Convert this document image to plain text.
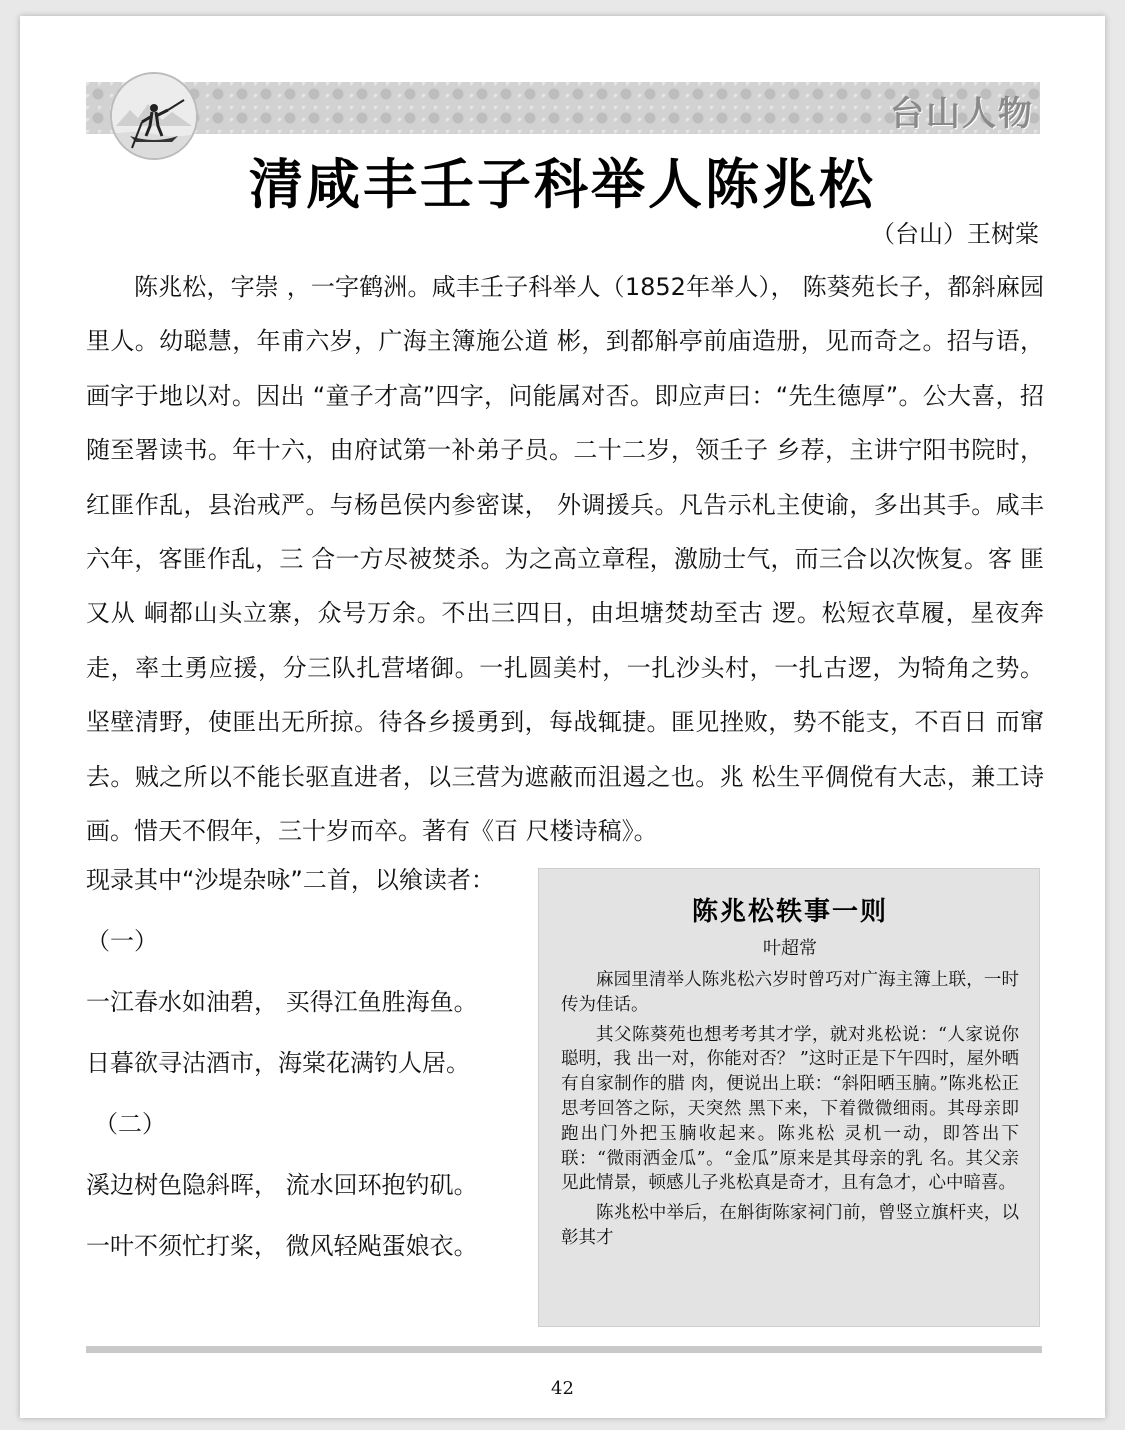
台山人物
清咸丰壬子科举人陈兆松
（台山）王树棠

陈兆松，字崇 ，一字鹤洲。咸丰壬子科举人（1852年举人）， 陈葵苑长子，都斜麻园里人。幼聪慧，年甫六岁，广海主簿施公道 彬，到都斛亭前庙造册，见而奇之。招与语，画字于地以对。因出 “童子才高”四字，问能属对否。即应声曰：“先生德厚”。公大喜，招随至署读书。年十六，由府试第一补弟子员。二十二岁，领壬子 乡荐，主讲宁阳书院时，红匪作乱，县治戒严。与杨邑侯内参密谋， 外调援兵。凡告示札主使谕，多出其手。咸丰六年，客匪作乱，三 合一方尽被焚杀。为之高立章程，激励士气，而三合以次恢复。客 匪又从 峒都山头立寨，众号万余。不出三四日，由坦塘焚劫至古 逻。松短衣草履，星夜奔走，率土勇应援，分三队扎营堵御。一扎圆美村，一扎沙头村，一扎古逻，为犄角之势。坚壁清野，使匪出无所掠。待各乡援勇到，每战辄捷。匪见挫败，势不能支，不百日 而窜去。贼之所以不能长驱直进者，以三营为遮蔽而沮遏之也。兆 松生平倜傥有大志，兼工诗画。惜天不假年，三十岁而卒。著有《百 尺楼诗稿》。

现录其中“沙堤杂咏”二首，以飨读者：
（一）
一江春水如油碧， 买得江鱼胜海鱼。
日暮欲寻沽酒市，海棠花满钓人居。
（二）
溪边树色隐斜晖， 流水回环抱钓矶。
一叶不须忙打桨， 微风轻飐蛋娘衣。
陈兆松轶事一则
叶超常

麻园里清举人陈兆松六岁时曾巧对广海主簿上联，一时传为佳话。

其父陈葵苑也想考考其才学，就对兆松说：“人家说你聪明，我 出一对，你能对否？ ”这时正是下午四时，屋外晒有自家制作的腊 肉，便说出上联：“斜阳晒玉腩。”陈兆松正思考回答之际，天突然 黑下来，下着微微细雨。其母亲即跑出门外把玉腩收起来。陈兆松 灵机一动，即答出下联：“微雨洒金瓜”。“金瓜”原来是其母亲的乳 名。其父亲见此情景，顿感儿子兆松真是奇才，且有急才，心中暗喜。

陈兆松中举后，在斛街陈家祠门前，曾竖立旗杆夹，以彰其才

42
